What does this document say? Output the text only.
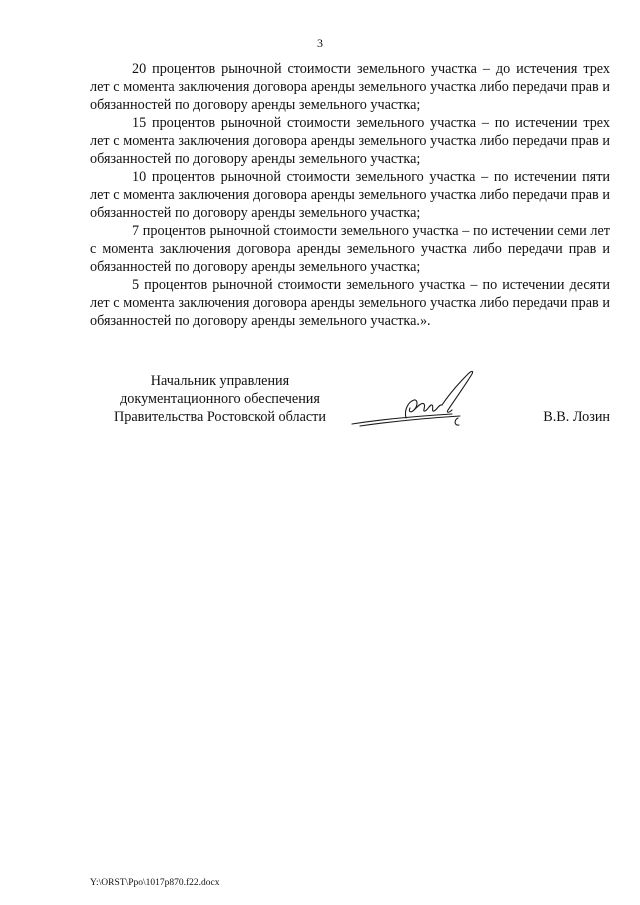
3

20 процентов рыночной стоимости земельного участка – до истечения трех лет с момента заключения договора аренды земельного участка либо передачи прав и обязанностей по договору аренды земельного участка;

15 процентов рыночной стоимости земельного участка – по истечении трех лет с момента заключения договора аренды земельного участка либо передачи прав и обязанностей по договору аренды земельного участка;

10 процентов рыночной стоимости земельного участка – по истечении пяти лет с момента заключения договора аренды земельного участка либо передачи прав и обязанностей по договору аренды земельного участка;

7 процентов рыночной стоимости земельного участка – по истечении семи лет с момента заключения договора аренды земельного участка либо передачи прав и обязанностей по договору аренды земельного участка;

5 процентов рыночной стоимости земельного участка – по истечении десяти лет с момента заключения договора аренды земельного участка либо передачи прав и обязанностей по договору аренды земельного участка.».

Начальник управления
документационного обеспечения
Правительства Ростовской области	В.В. Лозин
Y:\ORST\Ppo\1017p870.f22.docx
